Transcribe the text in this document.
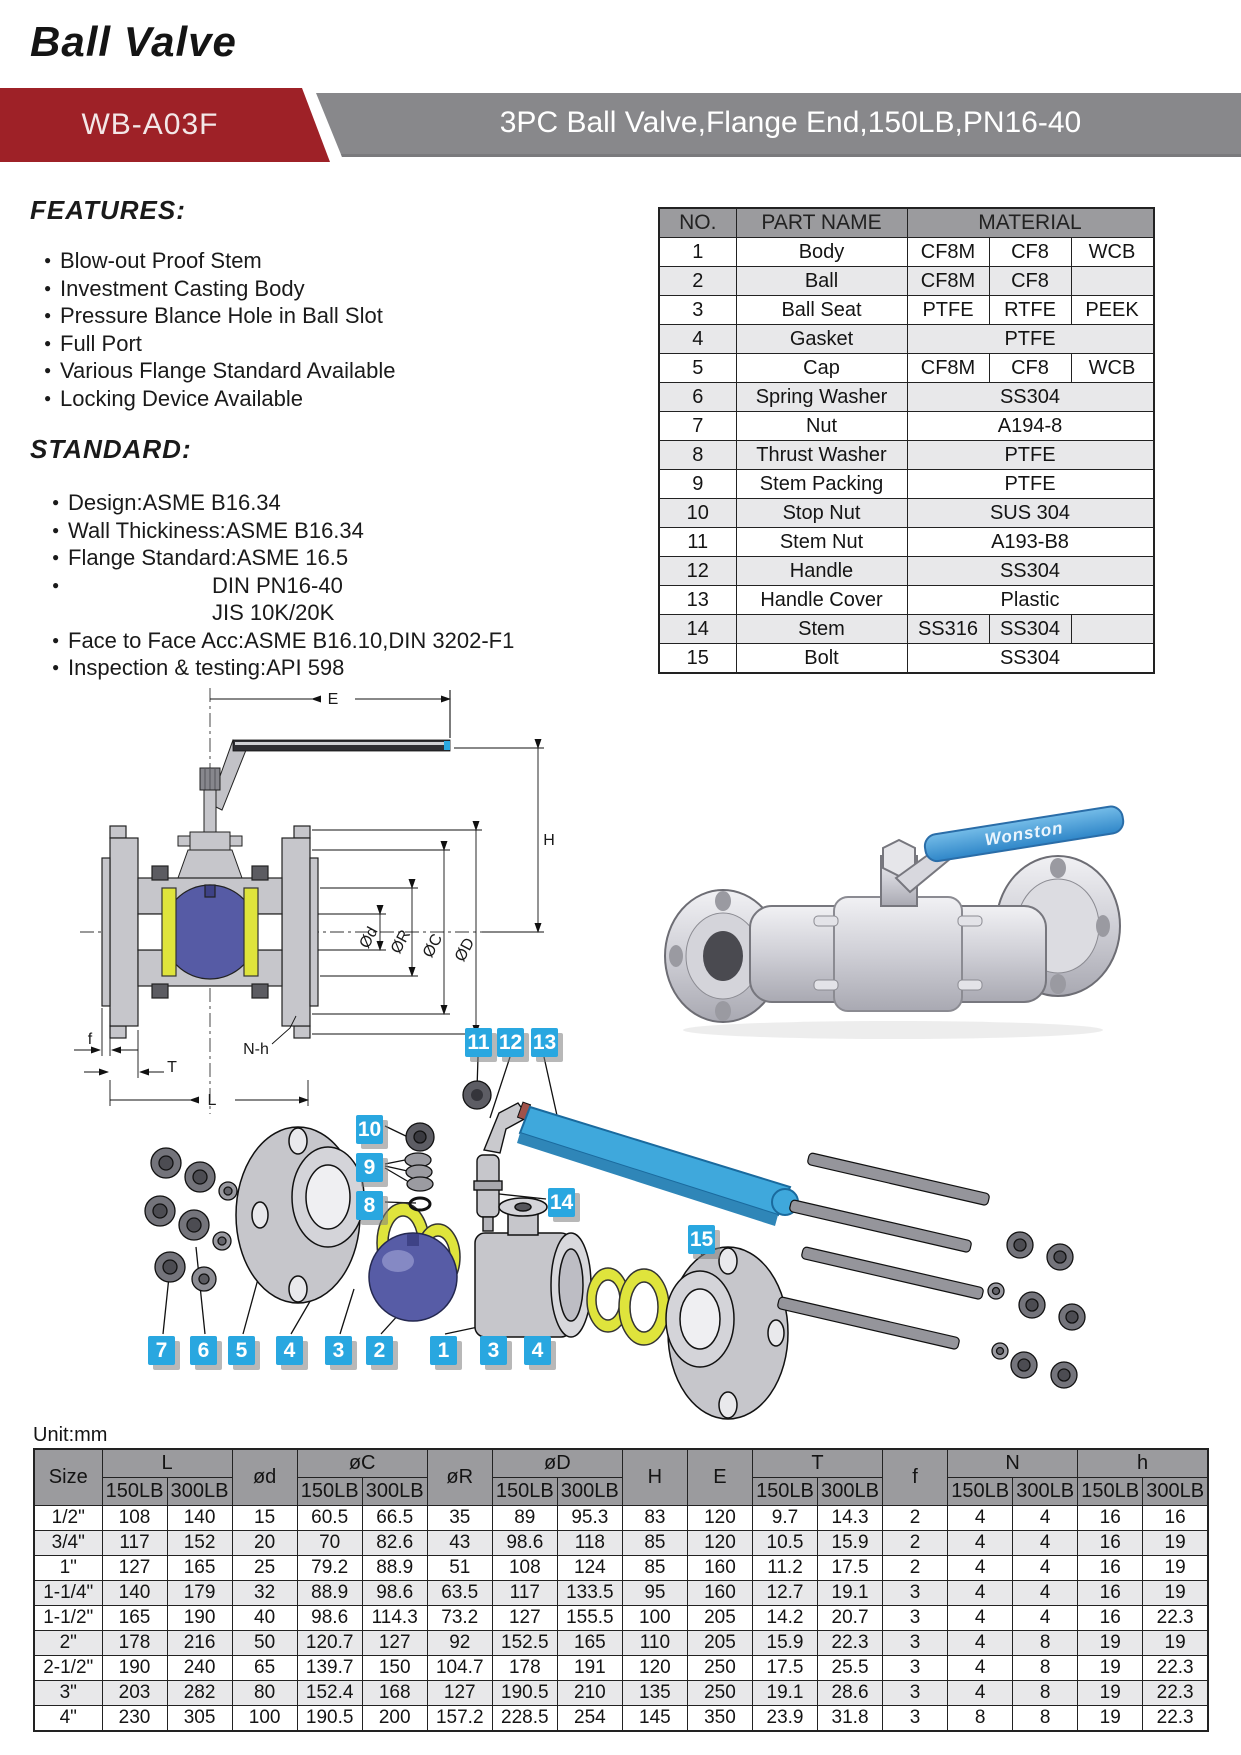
Ball Valve
WB-A03F	3PC Ball Valve,Flange End,150LB,PN16-40
FEATURES:
● Blow-out Proof Stem
● Investment Casting Body
● Pressure Blance Hole in Ball Slot
● Full Port
● Various Flange Standard Available
● Locking Device Available
STANDARD:
● Design:ASME B16.34
● Wall Thickiness:ASME B16.34
● Flange Standard:ASME 16.5
● DIN PN16-40
JIS 10K/20K
● Face to Face Acc:ASME B16.10,DIN 3202-F1
● Inspection & testing:API 598
NO.	PART NAME	MATERIAL		

1	Body	CF8M	CF8	WCB
2	Ball	CF8M	CF8	
3	Ball Seat	PTFE	RTFE	PEEK
4	Gasket	PTFE		
5	Cap	CF8M	CF8	WCB
6	Spring Washer	SS304		
7	Nut	A194-8		
8	Thrust Washer	PTFE		
9	Stem Packing	PTFE		
10	Stop Nut	SUS 304		
11	Stem Nut	A193-B8		
12	Handle	SS304		
13	Handle Cover	Plastic		
14	Stem	SS316	SS304	
15	Bolt	SS304		
E
H
Ød ØR ØC ØD
f
T
L
N-h
Wonston
11 12 13
10
9
8	14
15
7	6	5	4	3	2	1	3	4
Unit:mm
Size	L		ød	øC		øR	øD		H	E	T		f	N		h	
	150LB	300LB		150LB	300LB		150LB	300LB			150LB	300LB		150LB	300LB	150LB	300LB
1/2"	108	140	15	60.5	66.5	35	89	95.3	83	120	9.7	14.3	2	4	4	16	16
3/4"	117	152	20	70	82.6	43	98.6	118	85	120	10.5	15.9	2	4	4	16	19
1"	127	165	25	79.2	88.9	51	108	124	85	160	11.2	17.5	2	4	4	16	19
1-1/4"	140	179	32	88.9	98.6	63.5	117	133.5	95	160	12.7	19.1	3	4	4	16	19
1-1/2"	165	190	40	98.6	114.3	73.2	127	155.5	100	205	14.2	20.7	3	4	4	16	22.3
2"	178	216	50	120.7	127	92	152.5	165	110	205	15.9	22.3	3	4	8	19	19
2-1/2"	190	240	65	139.7	150	104.7	178	191	120	250	17.5	25.5	3	4	8	19	22.3
3"	203	282	80	152.4	168	127	190.5	210	135	250	19.1	28.6	3	4	8	19	22.3
4"	230	305	100	190.5	200	157.2	228.5	254	145	350	23.9	31.8	3	8	8	19	22.3
